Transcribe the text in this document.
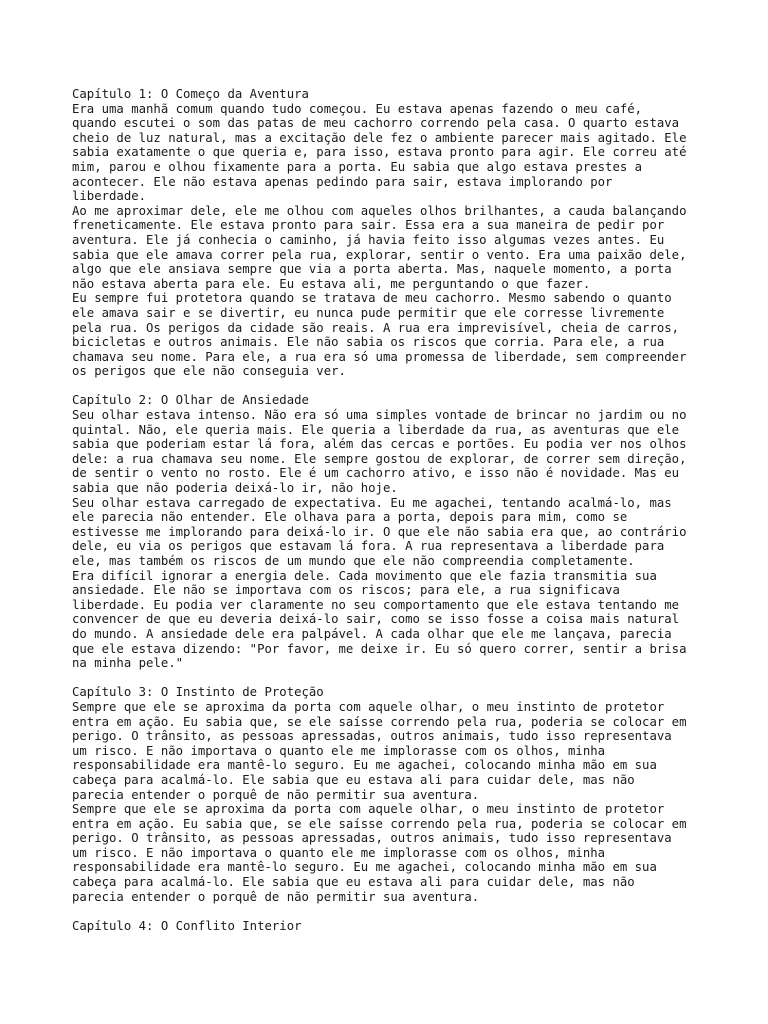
Capítulo 1: O Começo da Aventura
Era uma manhã comum quando tudo começou. Eu estava apenas fazendo o meu café,
quando escutei o som das patas de meu cachorro correndo pela casa. O quarto estava
cheio de luz natural, mas a excitação dele fez o ambiente parecer mais agitado. Ele
sabia exatamente o que queria e, para isso, estava pronto para agir. Ele correu até
mim, parou e olhou fixamente para a porta. Eu sabia que algo estava prestes a
acontecer. Ele não estava apenas pedindo para sair, estava implorando por
liberdade.
Ao me aproximar dele, ele me olhou com aqueles olhos brilhantes, a cauda balançando
freneticamente. Ele estava pronto para sair. Essa era a sua maneira de pedir por
aventura. Ele já conhecia o caminho, já havia feito isso algumas vezes antes. Eu
sabia que ele amava correr pela rua, explorar, sentir o vento. Era uma paixão dele,
algo que ele ansiava sempre que via a porta aberta. Mas, naquele momento, a porta
não estava aberta para ele. Eu estava ali, me perguntando o que fazer.
Eu sempre fui protetora quando se tratava de meu cachorro. Mesmo sabendo o quanto
ele amava sair e se divertir, eu nunca pude permitir que ele corresse livremente
pela rua. Os perigos da cidade são reais. A rua era imprevisível, cheia de carros,
bicicletas e outros animais. Ele não sabia os riscos que corria. Para ele, a rua
chamava seu nome. Para ele, a rua era só uma promessa de liberdade, sem compreender
os perigos que ele não conseguia ver.
Capítulo 2: O Olhar de Ansiedade
Seu olhar estava intenso. Não era só uma simples vontade de brincar no jardim ou no
quintal. Não, ele queria mais. Ele queria a liberdade da rua, as aventuras que ele
sabia que poderiam estar lá fora, além das cercas e portões. Eu podia ver nos olhos
dele: a rua chamava seu nome. Ele sempre gostou de explorar, de correr sem direção,
de sentir o vento no rosto. Ele é um cachorro ativo, e isso não é novidade. Mas eu
sabia que não poderia deixá-lo ir, não hoje.
Seu olhar estava carregado de expectativa. Eu me agachei, tentando acalmá-lo, mas
ele parecia não entender. Ele olhava para a porta, depois para mim, como se
estivesse me implorando para deixá-lo ir. O que ele não sabia era que, ao contrário
dele, eu via os perigos que estavam lá fora. A rua representava a liberdade para
ele, mas também os riscos de um mundo que ele não compreendia completamente.
Era difícil ignorar a energia dele. Cada movimento que ele fazia transmitia sua
ansiedade. Ele não se importava com os riscos; para ele, a rua significava
liberdade. Eu podia ver claramente no seu comportamento que ele estava tentando me
convencer de que eu deveria deixá-lo sair, como se isso fosse a coisa mais natural
do mundo. A ansiedade dele era palpável. A cada olhar que ele me lançava, parecia
que ele estava dizendo: "Por favor, me deixe ir. Eu só quero correr, sentir a brisa
na minha pele."
Capítulo 3: O Instinto de Proteção
Sempre que ele se aproxima da porta com aquele olhar, o meu instinto de protetor
entra em ação. Eu sabia que, se ele saísse correndo pela rua, poderia se colocar em
perigo. O trânsito, as pessoas apressadas, outros animais, tudo isso representava
um risco. E não importava o quanto ele me implorasse com os olhos, minha
responsabilidade era mantê-lo seguro. Eu me agachei, colocando minha mão em sua
cabeça para acalmá-lo. Ele sabia que eu estava ali para cuidar dele, mas não
parecia entender o porquê de não permitir sua aventura.
Sempre que ele se aproxima da porta com aquele olhar, o meu instinto de protetor
entra em ação. Eu sabia que, se ele saísse correndo pela rua, poderia se colocar em
perigo. O trânsito, as pessoas apressadas, outros animais, tudo isso representava
um risco. E não importava o quanto ele me implorasse com os olhos, minha
responsabilidade era mantê-lo seguro. Eu me agachei, colocando minha mão em sua
cabeça para acalmá-lo. Ele sabia que eu estava ali para cuidar dele, mas não
parecia entender o porquê de não permitir sua aventura.
Capítulo 4: O Conflito Interior
